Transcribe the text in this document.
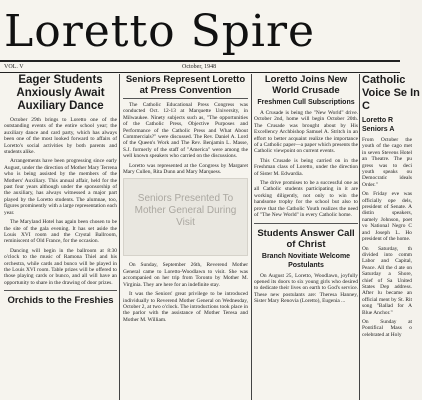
Loretto Spire
VOL. V	October, 1948
Eager Students Anxiously Await Auxiliary Dance

October 29th brings to Loretto one of the outstanding events of the entire school year; the auxiliary dance and card party, which has always been one of the most looked forward to affairs of Loretto's social activities by both parents and students alike.

Arrangements have been progressing since early August, under the direction of Mother Mary Terrena who is being assisted by the members of the Mothers' Auxiliary. This annual affair, held for the past four years although under the sponsorship of the auxiliary, has always witnessed a major part played by the Loretto students. The alumnae, too, figures prominently with a large representation each year.

The Maryland Hotel has again been chosen to be the site of the gala evening. It has set aside the Louis XVI room and the Crystal Ballroom, reminiscent of Old France, for the occasion.

Dancing will begin in the ballroom at 8:30 o'clock to the music of Ramona Thiel and his orchestra, while cards and bunco will be played in the Louis XVI room. Table prizes will be offered to those playing cards or bunco, and all will have an opportunity to share in the drawing of door prizes.

Orchids to the Freshies
Seniors Represent Loretto at Press Convention

The Catholic Educational Press Congress was conducted Oct. 12-13 at Marquette University, in Milwaukee. Ninety subjects such as, "The opportunities of the Catholic Press, Objective Purposes and Performance of the Catholic Press and What About Commercials?" were discussed. The Rev. Daniel A. Lord of the Queen's Work and The Rev. Benjamin L. Masse, S.J. formerly of the staff of "America" were among the well known speakers who carried on the discussions.

Loretto was represented at the Congress by Margaret Mary Cullen, Rita Dunn and Mary Marquess.

Seniors Presented To Mother General During Visit

On Sunday, September 26th, Reverend Mother General came to Loretto-Woodlawn to visit. She was accompanied on her trip from Toronto by Mother M. Virginia. They are here for an indefinite stay.

It was the Seniors' great privilege to be introduced individually to Reverend Mother General on Wednesday, October 2, at two o'clock. The introductions took place in the parlor with the assistance of Mother Teresa and Mother M. William.

Loretto Joins New World Crusade
Freshmen Cull Subscriptions

A Crusade is being the "New World" drive. October 2nd, home will begin October 20th. The Crusade was brought about by His Excellency Archbishop Samuel A. Stritch in an effort to better acquaint realize the importance of a Catholic paper—a paper which presents the Catholic viewpoint on current events.

This Crusade is being carried on in the Freshman class of Loretto, under the direction of Sister M. Edwardia.

The drive promises to be a successful one as all Catholic students participating in it are working diligently, not only to win the handsome trophy for the school but also to prove that the Catholic Youth realizes the need of "The New World" in every Catholic home.

Students Answer Call of Christ
Branch Novitiate Welcome Postulants

On August 25, Loretto, Woodlawn, joyfully opened its doors to six young girls who desired to dedicate their lives on earth to God's service. These new postulants are: Theresa Hanney, Sister Mary Renovia (Loretto), Eugenia ...

Catholic Voice Se In C
Loretto R Seniors A

From October the youth of the cago met in seven Stevens Hotel an Theatre. The pu gress was to deci youth speaks ou Democratic ideals Order."

On Friday eve was officially ope dels, president of Senate. A distin speakers, namely Johnson, poet vo National Negro C and Joseph L. Ho president of the home.

On Saturday, th divided into comm Labor and Capital, Peace. All the d ate on Saturday a Shore, chief of Sa United States Dep address. After lu became an official ment by St. Rit song "Ballad for A Blue Anchor."

On Sunday at Pontifical Mass o celebrated at Holy
